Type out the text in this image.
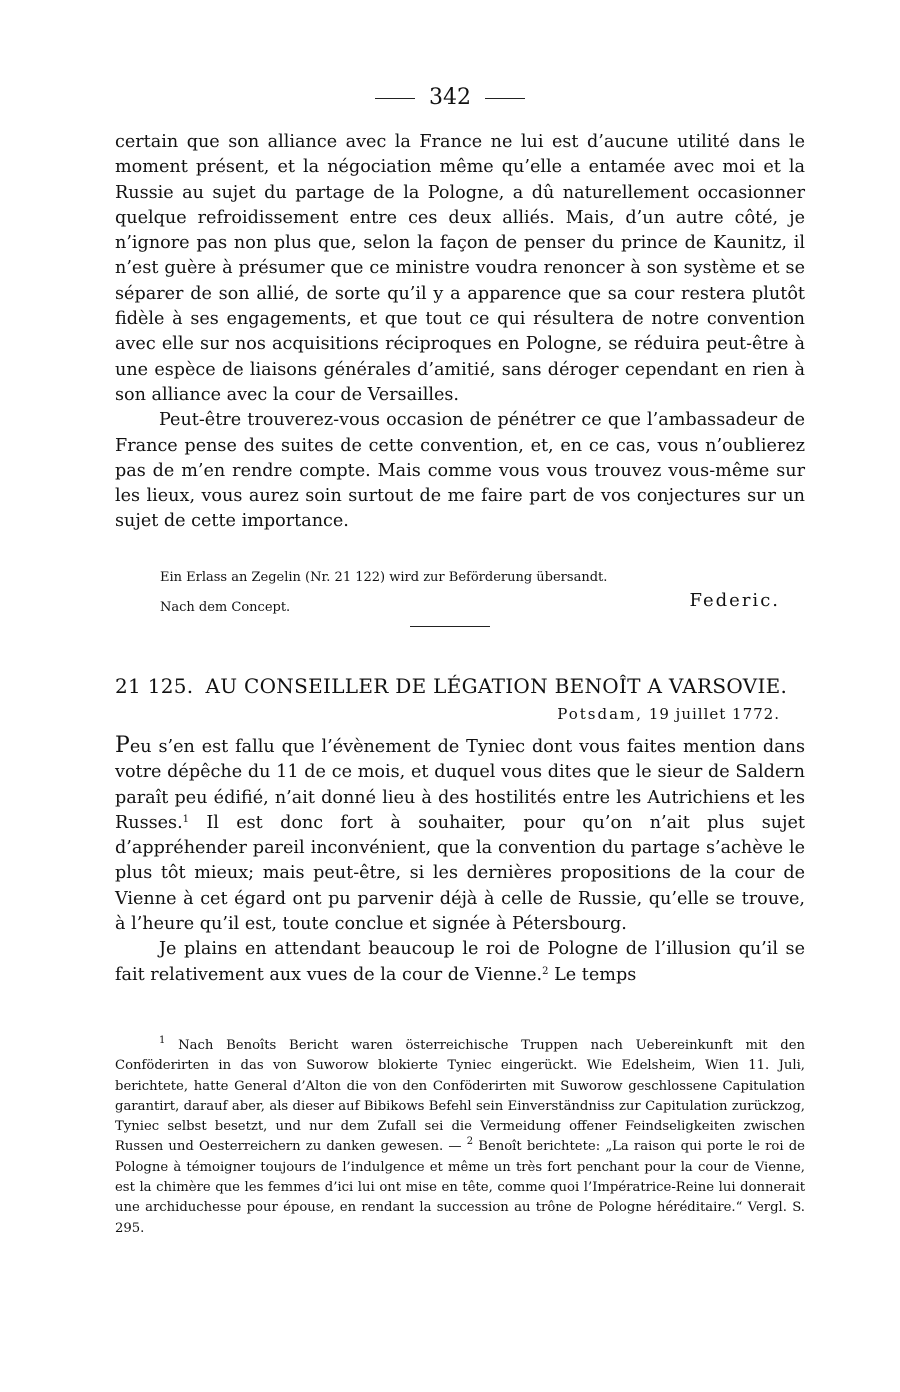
342

certain que son alliance avec la France ne lui est d’aucune utilité dans le moment présent, et la négociation même qu’elle a entamée avec moi et la Russie au sujet du partage de la Pologne, a dû naturellement occasionner quelque refroidissement entre ces deux alliés. Mais, d’un autre côté, je n’ignore pas non plus que, selon la façon de penser du prince de Kaunitz, il n’est guère à présumer que ce ministre voudra renoncer à son système et se séparer de son allié, de sorte qu’il y a apparence que sa cour restera plutôt fidèle à ses engagements, et que tout ce qui résultera de notre convention avec elle sur nos acquisitions réciproques en Pologne, se réduira peut-être à une espèce de liaisons générales d’amitié, sans déroger cependant en rien à son alliance avec la cour de Versailles.

Peut-être trouverez-vous occasion de pénétrer ce que l’ambassadeur de France pense des suites de cette convention, et, en ce cas, vous n’oublierez pas de m’en rendre compte. Mais comme vous vous trouvez vous-même sur les lieux, vous aurez soin surtout de me faire part de vos conjectures sur un sujet de cette importance.

Ein Erlass an Zegelin (Nr. 21 122) wird zur Beförderung übersandt.
Nach dem Concept.	Federic.
21 125. AU CONSEILLER DE LÉGATION BENOÎT A VARSOVIE.
Potsdam, 19 juillet 1772.

Peu s’en est fallu que l’évènement de Tyniec dont vous faites mention dans votre dépêche du 11 de ce mois, et duquel vous dites que le sieur de Saldern paraît peu édifié, n’ait donné lieu à des hostilités entre les Autrichiens et les Russes.$^1$ Il est donc fort à souhaiter, pour qu’on n’ait plus sujet d’appréhender pareil inconvénient, que la convention du partage s’achève le plus tôt mieux; mais peut-être, si les dernières propositions de la cour de Vienne à cet égard ont pu parvenir déjà à celle de Russie, qu’elle se trouve, à l’heure qu’il est, toute conclue et signée à Pétersbourg.

Je plains en attendant beaucoup le roi de Pologne de l’illusion qu’il se fait relativement aux vues de la cour de Vienne.$^2$ Le temps

$^1$ Nach Benoîts Bericht waren österreichische Truppen nach Uebereinkunft mit den Conföderirten in das von Suworow blokierte Tyniec eingerückt. Wie Edelsheim, Wien 11. Juli, berichtete, hatte General d’Alton die von den Conföderirten mit Suworow geschlossene Capitulation garantirt, darauf aber, als dieser auf Bibikows Befehl sein Einverständniss zur Capitulation zurückzog, Tyniec selbst besetzt, und nur dem Zufall sei die Vermeidung offener Feindseligkeiten zwischen Russen und Oesterreichern zu danken gewesen. — $^2$ Benoît berichtete: „La raison qui porte le roi de Pologne à témoigner toujours de l’indulgence et même un très fort penchant pour la cour de Vienne, est la chimère que les femmes d’ici lui ont mise en tête, comme quoi l’Impératrice-Reine lui donnerait une archiduchesse pour épouse, en rendant la succession au trône de Pologne héréditaire.“ Vergl. S. 295.
